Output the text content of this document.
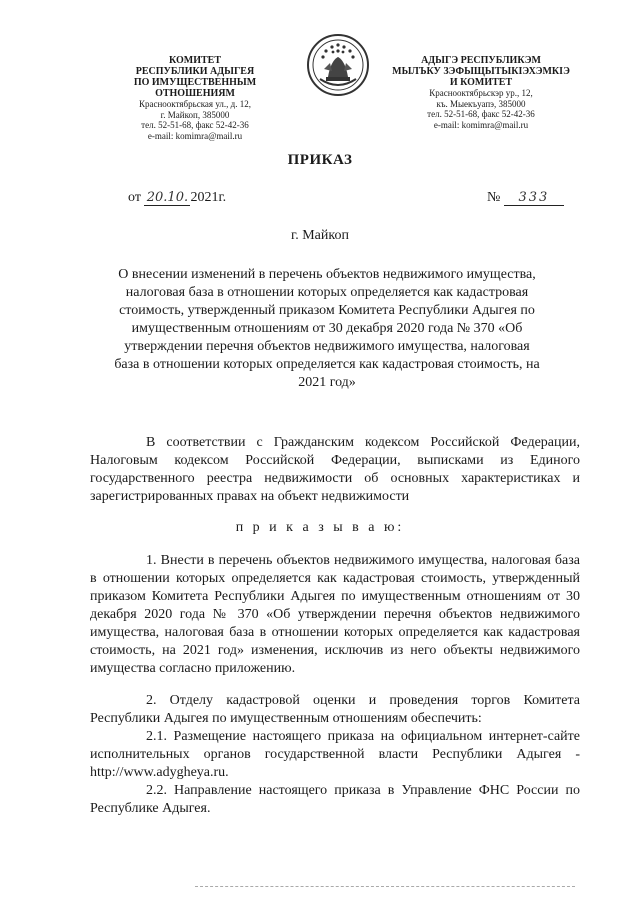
КОМИТЕТ
РЕСПУБЛИКИ АДЫГЕЯ
ПО ИМУЩЕСТВЕННЫМ ОТНОШЕНИЯМ
Краснооктябрьская ул., д. 12,
г. Майкоп, 385000
тел. 52-51-68, факс 52-42-36
e-mail: komimra@mail.ru
АДЫГЭ РЕСПУБЛИКЭМ
МЫЛЪКУ ЗЭФЫЩЫТЫКІЭХЭМКІЭ
И КОМИТЕТ
Краснооктябрьскэр ур., 12,
къ. Мыекъуапэ, 385000
тел. 52-51-68, факс 52-42-36
e-mail: komimra@mail.ru
ПРИКАЗ
от 20.10. 2021г.	№ 333
г. Майкоп
О внесении изменений в перечень объектов недвижимого имущества, налоговая база в отношении которых определяется как кадастровая стоимость, утвержденный приказом Комитета Республики Адыгея по имущественным отношениям от 30 декабря 2020 года № 370 «Об утверждении перечня объектов недвижимого имущества, налоговая база в отношении которых определяется как кадастровая стоимость, на 2021 год»
В соответствии с Гражданским кодексом Российской Федерации, Налоговым кодексом Российской Федерации, выписками из Единого государственного реестра недвижимости об основных характеристиках и зарегистрированных правах на объект недвижимости
п р и к а з ы в а ю:
1. Внести в перечень объектов недвижимого имущества, налоговая база в отношении которых определяется как кадастровая стоимость, утвержденный приказом Комитета Республики Адыгея по имущественным отношениям от 30 декабря 2020 года № 370 «Об утверждении перечня объектов недвижимого имущества, налоговая база в отношении которых определяется как кадастровая стоимость, на 2021 год» изменения, исключив из него объекты недвижимого имущества согласно приложению.
2. Отделу кадастровой оценки и проведения торгов Комитета Республики Адыгея по имущественным отношениям обеспечить:
2.1. Размещение настоящего приказа на официальном интернет-сайте исполнительных органов государственной власти Республики Адыгея - http://www.adygheya.ru.
2.2. Направление настоящего приказа в Управление ФНС России по Республике Адыгея.
